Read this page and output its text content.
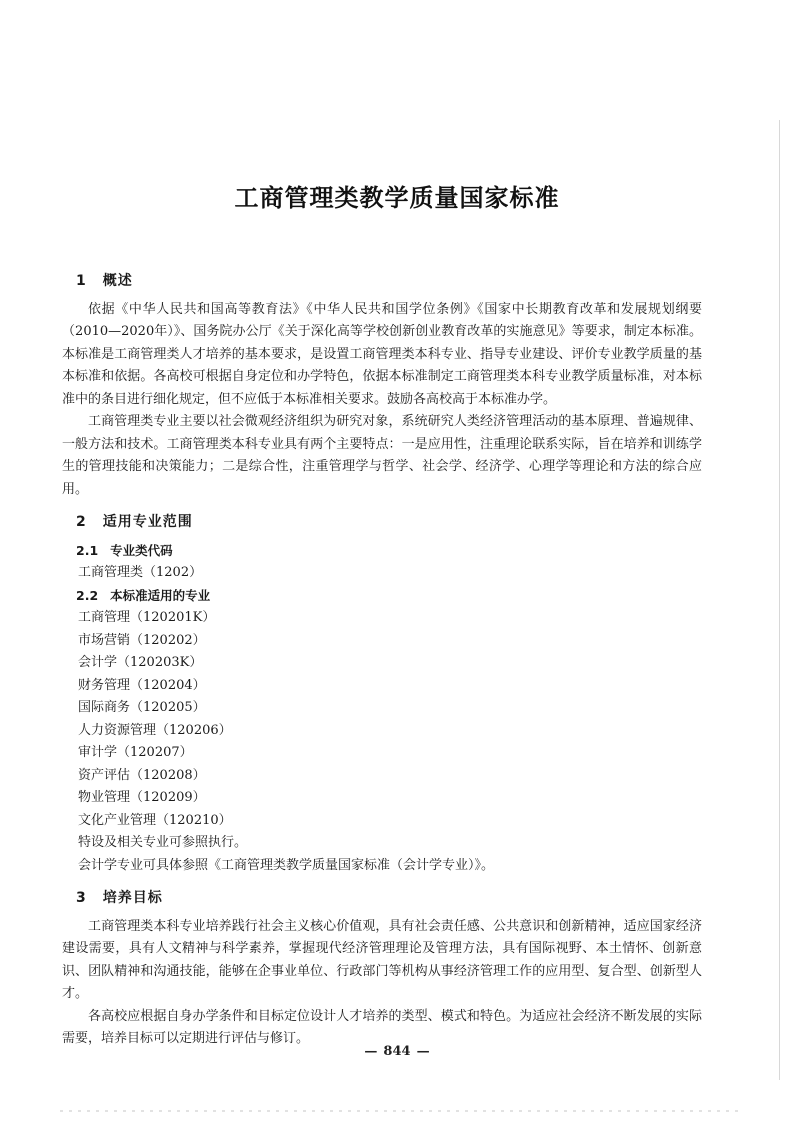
工商管理类教学质量国家标准
1 概述

依据《中华人民共和国高等教育法》《中华人民共和国学位条例》《国家中长期教育改革和发展规划纲要（2010—2020年）》、国务院办公厅《关于深化高等学校创新创业教育改革的实施意见》等要求，制定本标准。本标准是工商管理类人才培养的基本要求，是设置工商管理类本科专业、指导专业建设、评价专业教学质量的基本标准和依据。各高校可根据自身定位和办学特色，依据本标准制定工商管理类本科专业教学质量标准，对本标准中的条目进行细化规定，但不应低于本标准相关要求。鼓励各高校高于本标准办学。

工商管理类专业主要以社会微观经济组织为研究对象，系统研究人类经济管理活动的基本原理、普遍规律、一般方法和技术。工商管理类本科专业具有两个主要特点：一是应用性，注重理论联系实际，旨在培养和训练学生的管理技能和决策能力；二是综合性，注重管理学与哲学、社会学、经济学、心理学等理论和方法的综合应用。

2 适用专业范围
2.1 专业类代码
工商管理类（1202）
2.2 本标准适用的专业
工商管理（120201K）
市场营销（120202）
会计学（120203K）
财务管理（120204）
国际商务（120205）
人力资源管理（120206）
审计学（120207）
资产评估（120208）
物业管理（120209）
文化产业管理（120210）
特设及相关专业可参照执行。
会计学专业可具体参照《工商管理类教学质量国家标准（会计学专业）》。
3 培养目标

工商管理类本科专业培养践行社会主义核心价值观，具有社会责任感、公共意识和创新精神，适应国家经济建设需要，具有人文精神与科学素养，掌握现代经济管理理论及管理方法，具有国际视野、本土情怀、创新意识、团队精神和沟通技能，能够在企事业单位、行政部门等机构从事经济管理工作的应用型、复合型、创新型人才。

各高校应根据自身办学条件和目标定位设计人才培养的类型、模式和特色。为适应社会经济不断发展的实际需要，培养目标可以定期进行评估与修订。

— 844 —
